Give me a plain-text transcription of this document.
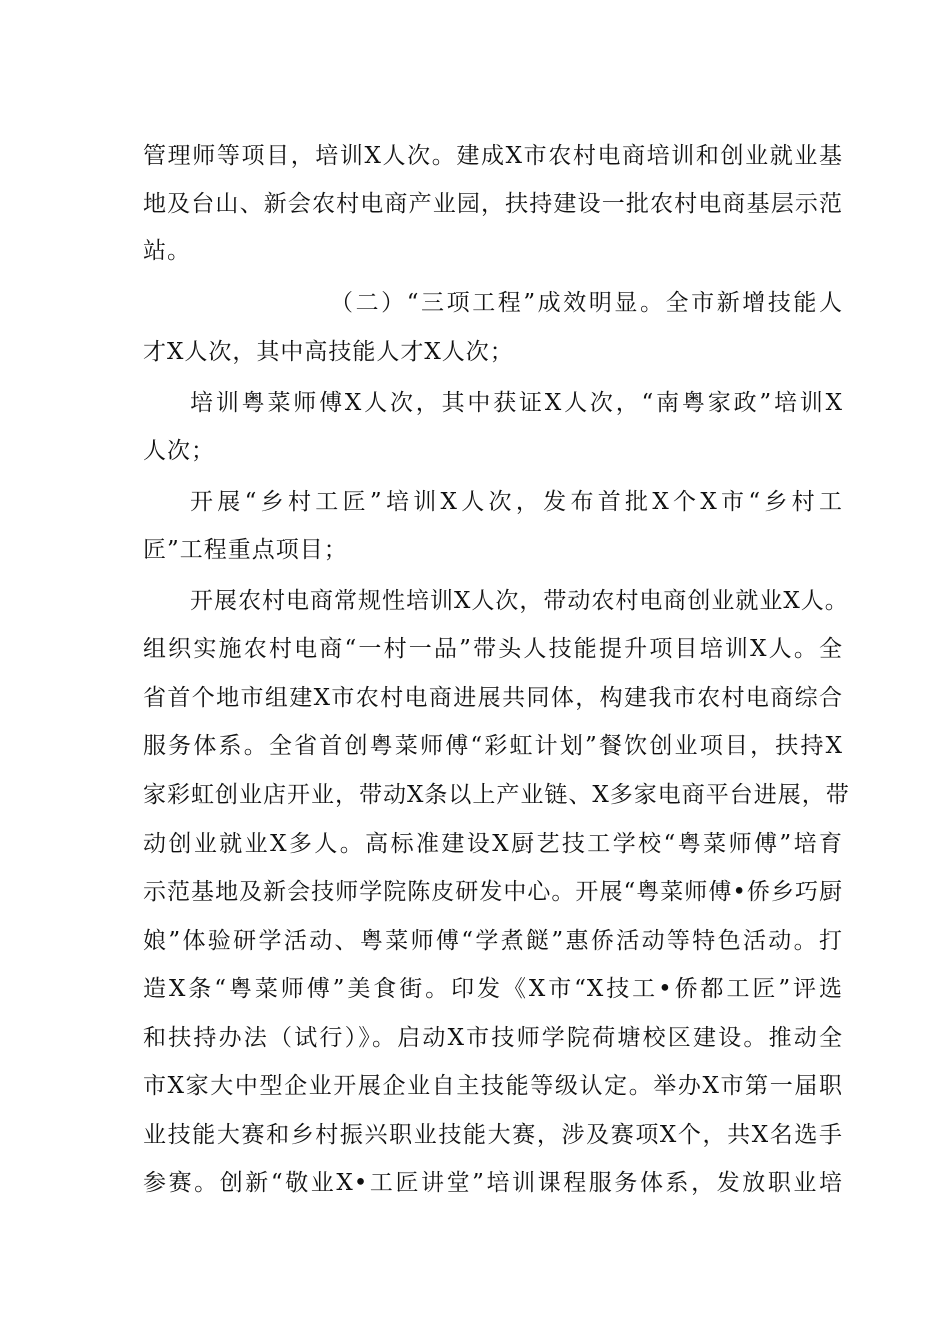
管理师等项目，培训X人次。建成X市农村电商培训和创业就业基

地及台山、新会农村电商产业园，扶持建设一批农村电商基层示范

站。

（二）“三项工程”成效明显。全市新增技能人

才X人次，其中高技能人才X人次；

培训粤菜师傅X人次，其中获证X人次，“南粤家政”培训X

人次；

开展“乡村工匠”培训X人次，发布首批X个X市“乡村工

匠”工程重点项目；

开展农村电商常规性培训X人次，带动农村电商创业就业X人。

组织实施农村电商“一村一品”带头人技能提升项目培训X人。全

省首个地市组建X市农村电商进展共同体，构建我市农村电商综合

服务体系。全省首创粤菜师傅“彩虹计划”餐饮创业项目，扶持X

家彩虹创业店开业，带动X条以上产业链、X多家电商平台进展，带

动创业就业X多人。高标准建设X厨艺技工学校“粤菜师傅”培育

示范基地及新会技师学院陈皮研发中心。开展“粤菜师傅•侨乡巧厨

娘”体验研学活动、粤菜师傅“学煮餸”惠侨活动等特色活动。打

造X条“粤菜师傅”美食街。印发《X市“X技工•侨都工匠”评选

和扶持办法（试行）》。启动X市技师学院荷塘校区建设。推动全

市X家大中型企业开展企业自主技能等级认定。举办X市第一届职

业技能大赛和乡村振兴职业技能大赛，涉及赛项X个，共X名选手

参赛。创新“敬业X•工匠讲堂”培训课程服务体系，发放职业培
